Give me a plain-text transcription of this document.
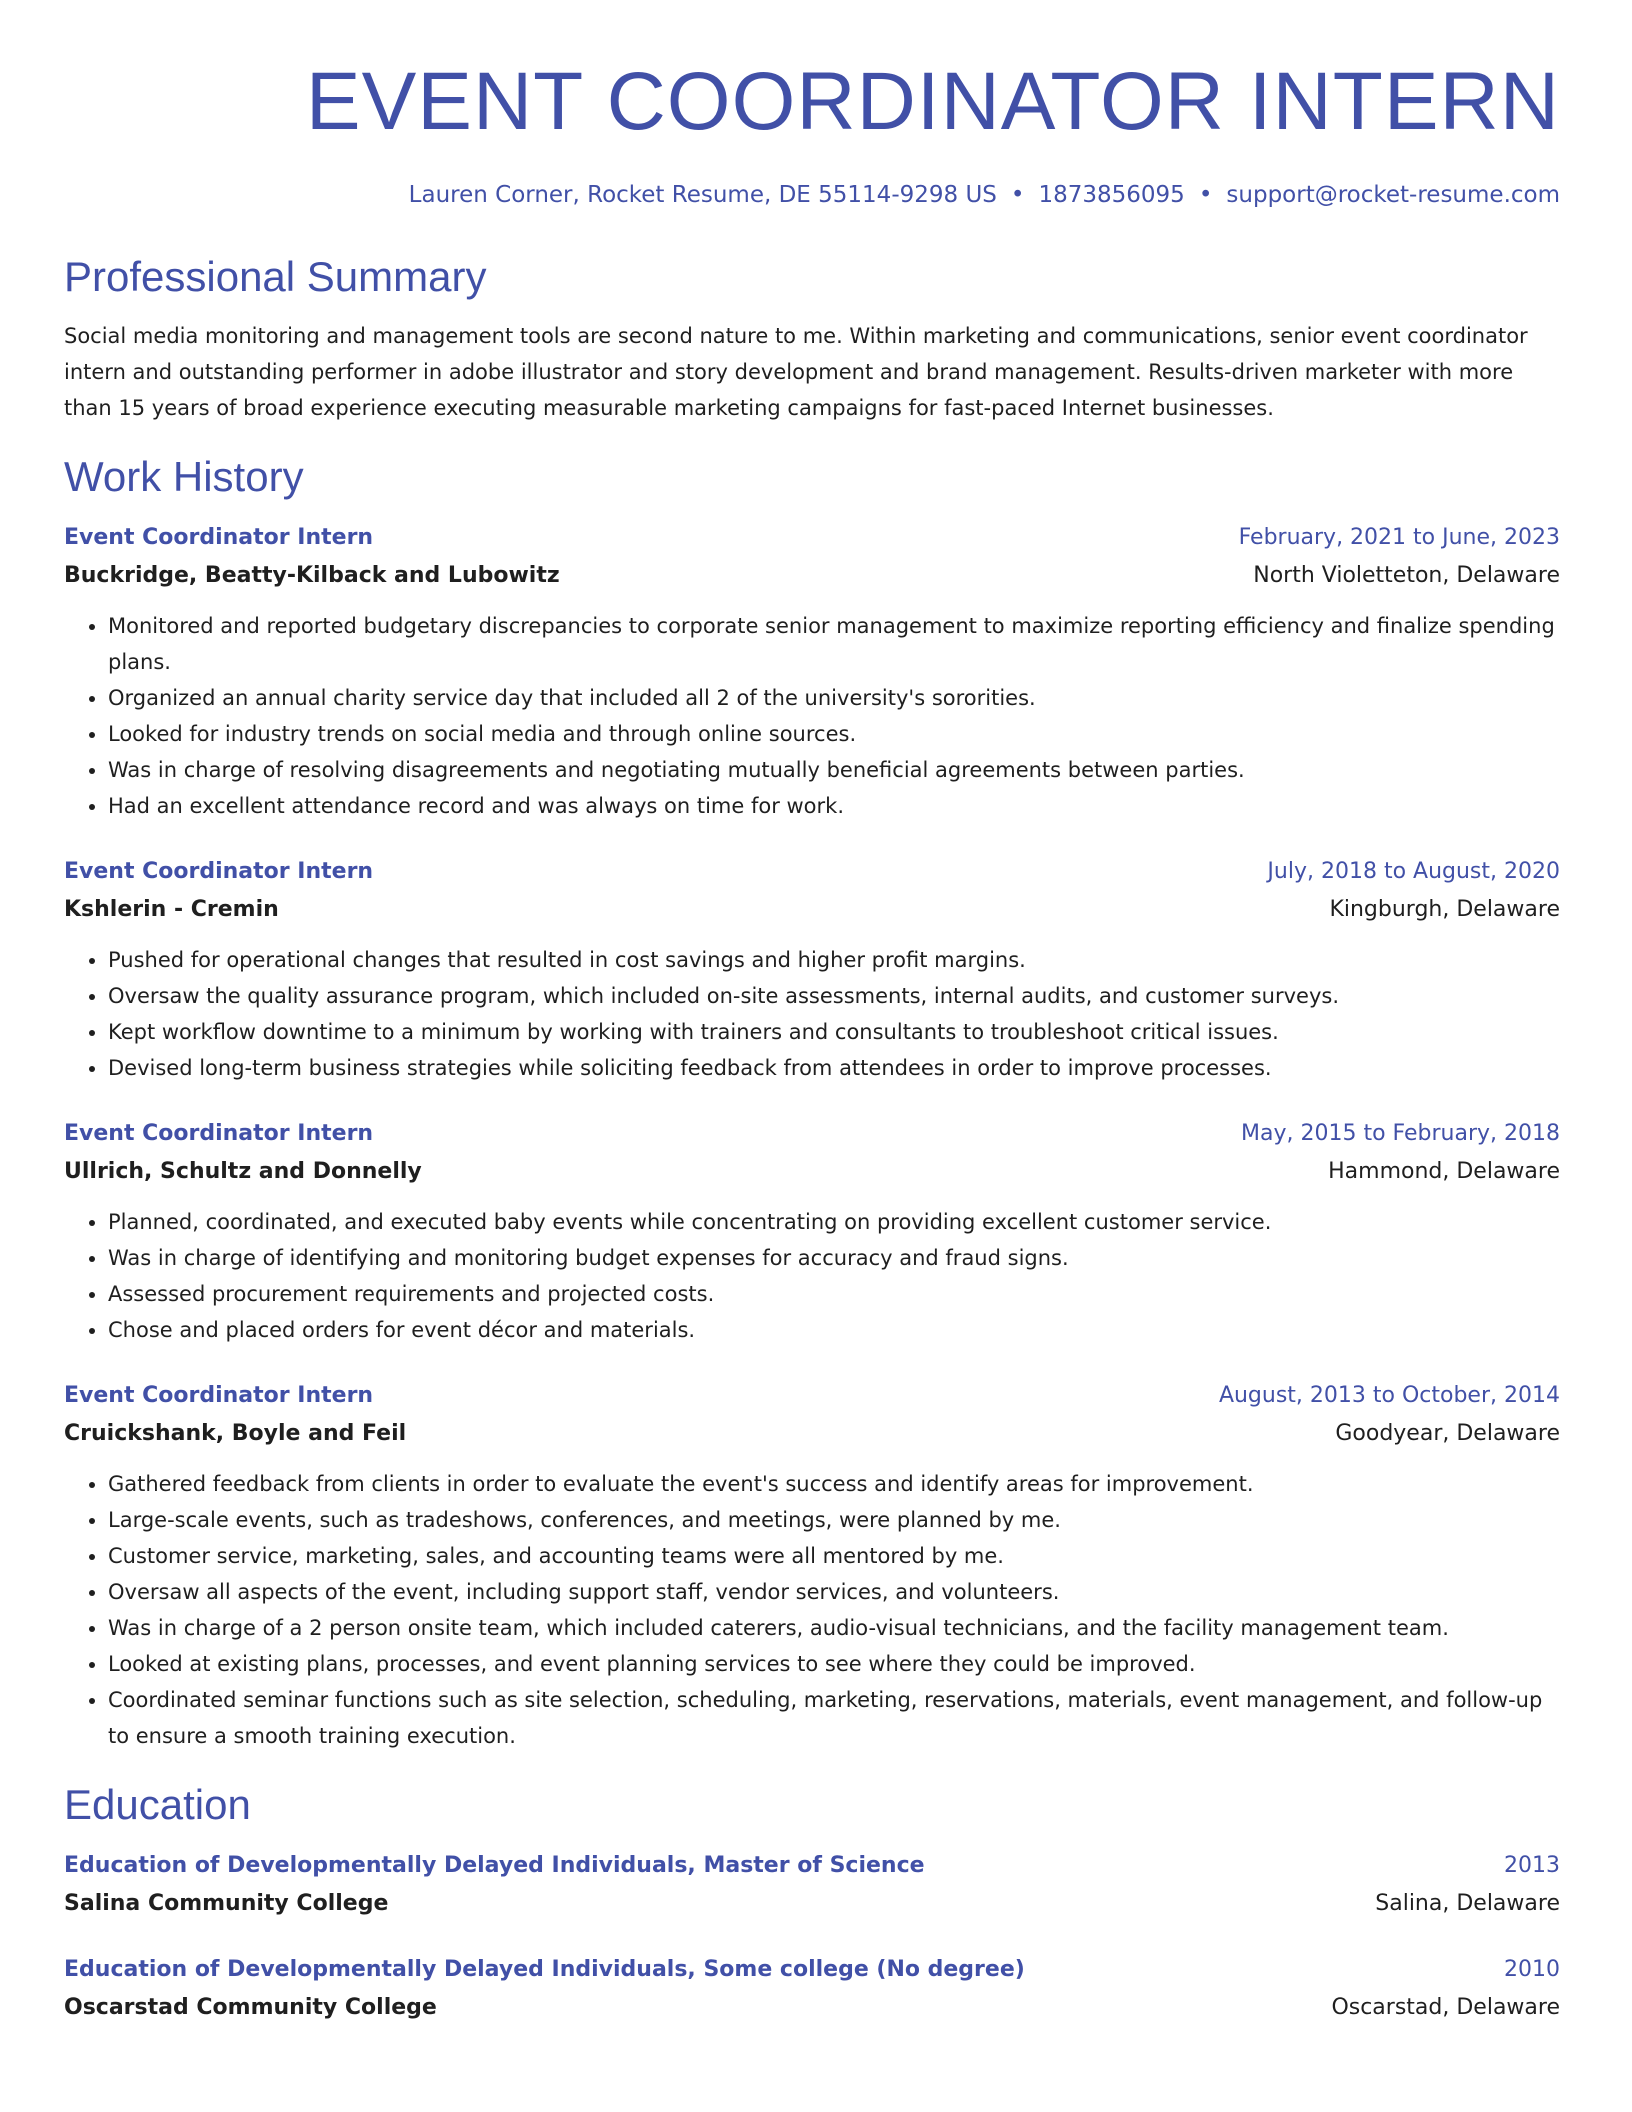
EVENT COORDINATOR INTERN
Lauren Corner, Rocket Resume, DE 55114-9298 US • 1873856095 • support@rocket-resume.com
Professional Summary

Social media monitoring and management tools are second nature to me. Within marketing and communications, senior event coordinator intern and outstanding performer in adobe illustrator and story development and brand management. Results-driven marketer with more than 15 years of broad experience executing measurable marketing campaigns for fast-paced Internet businesses.

Work History
Event Coordinator Intern	February, 2021 to June, 2023
Buckridge, Beatty-Kilback and Lubowitz	North Violetteton, Delaware
• Monitored and reported budgetary discrepancies to corporate senior management to maximize reporting efficiency and finalize spending plans.
• Organized an annual charity service day that included all 2 of the university's sororities.
• Looked for industry trends on social media and through online sources.
• Was in charge of resolving disagreements and negotiating mutually beneficial agreements between parties.
• Had an excellent attendance record and was always on time for work.
Event Coordinator Intern	July, 2018 to August, 2020
Kshlerin - Cremin	Kingburgh, Delaware
• Pushed for operational changes that resulted in cost savings and higher profit margins.
• Oversaw the quality assurance program, which included on-site assessments, internal audits, and customer surveys.
• Kept workflow downtime to a minimum by working with trainers and consultants to troubleshoot critical issues.
• Devised long-term business strategies while soliciting feedback from attendees in order to improve processes.
Event Coordinator Intern	May, 2015 to February, 2018
Ullrich, Schultz and Donnelly	Hammond, Delaware
• Planned, coordinated, and executed baby events while concentrating on providing excellent customer service.
• Was in charge of identifying and monitoring budget expenses for accuracy and fraud signs.
• Assessed procurement requirements and projected costs.
• Chose and placed orders for event décor and materials.
Event Coordinator Intern	August, 2013 to October, 2014
Cruickshank, Boyle and Feil	Goodyear, Delaware
• Gathered feedback from clients in order to evaluate the event's success and identify areas for improvement.
• Large-scale events, such as tradeshows, conferences, and meetings, were planned by me.
• Customer service, marketing, sales, and accounting teams were all mentored by me.
• Oversaw all aspects of the event, including support staff, vendor services, and volunteers.
• Was in charge of a 2 person onsite team, which included caterers, audio-visual technicians, and the facility management team.
• Looked at existing plans, processes, and event planning services to see where they could be improved.
• Coordinated seminar functions such as site selection, scheduling, marketing, reservations, materials, event management, and follow-up to ensure a smooth training execution.
Education
Education of Developmentally Delayed Individuals, Master of Science	2013
Salina Community College	Salina, Delaware
Education of Developmentally Delayed Individuals, Some college (No degree)	2010
Oscarstad Community College	Oscarstad, Delaware
